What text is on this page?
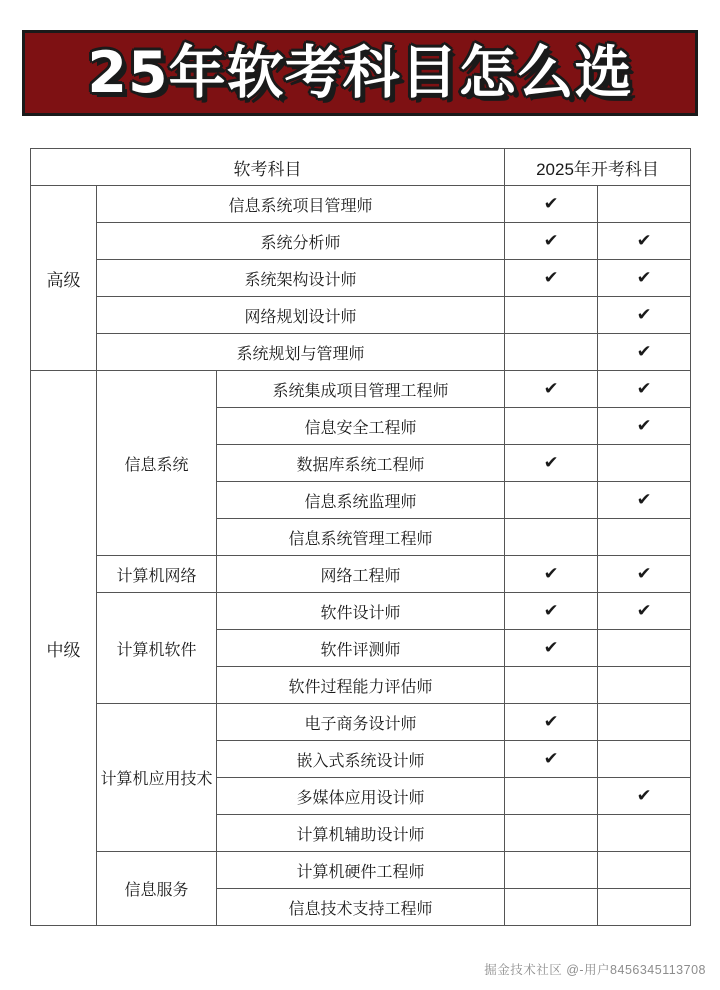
25年软考科目怎么选
软考科目			2025年开考科目	
高级	信息系统项目管理师		✔	
	系统分析师		✔	✔
	系统架构设计师		✔	✔
	网络规划设计师			✔
	系统规划与管理师			✔
中级	信息系统	系统集成项目管理工程师	✔	✔
		信息安全工程师		✔
		数据库系统工程师	✔	
		信息系统监理师		✔
		信息系统管理工程师		
	计算机网络	网络工程师	✔	✔
	计算机软件	软件设计师	✔	✔
		软件评测师	✔	
		软件过程能力评估师		
	计算机应用技术	电子商务设计师	✔	
		嵌入式系统设计师	✔	
		多媒体应用设计师		✔
		计算机辅助设计师		
	信息服务	计算机硬件工程师		
		信息技术支持工程师		
掘金技术社区 @-用户8456345113708
